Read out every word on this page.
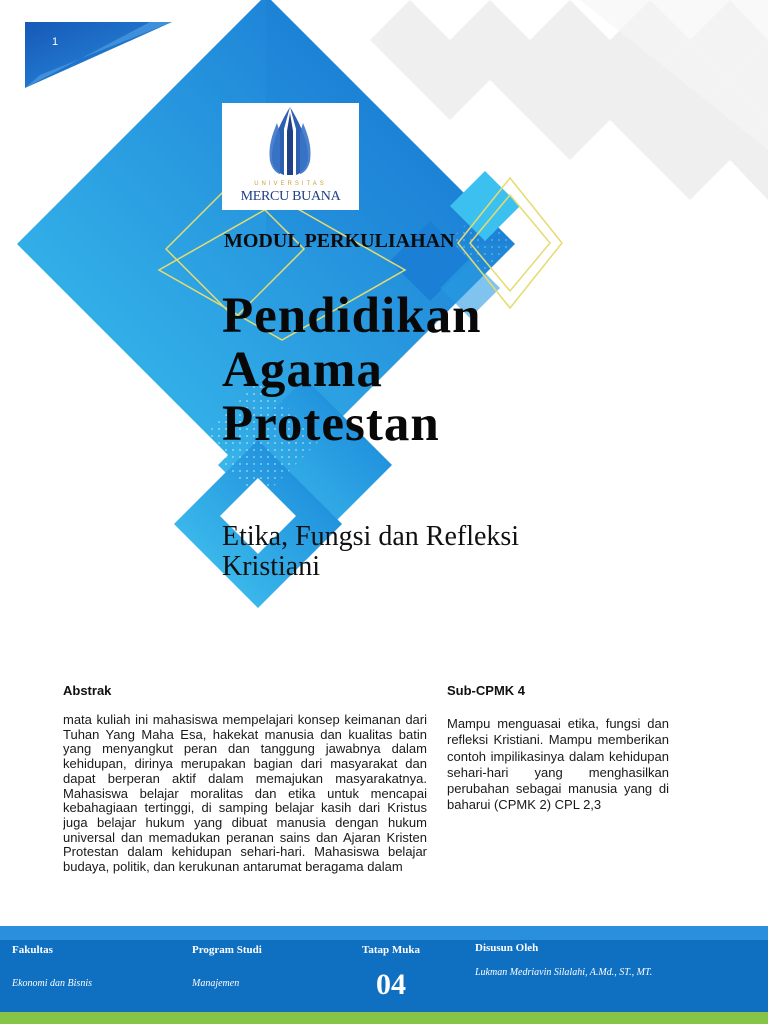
1
UNIVERSITAS
MERCU BUANA
MODUL PERKULIAHAN
Pendidikan
Agama
Protestan
Etika, Fungsi dan Refleksi
Kristiani
Abstrak
mata kuliah ini mahasiswa mempelajari konsep keimanan dari Tuhan Yang Maha Esa, hakekat manusia dan kualitas batin yang menyangkut peran dan tanggung jawabnya dalam kehidupan, dirinya merupakan bagian dari masyarakat dan dapat berperan aktif dalam memajukan masyarakatnya. Mahasiswa belajar moralitas dan etika untuk mencapai kebahagiaan tertinggi, di samping belajar kasih dari Kristus juga belajar hukum yang dibuat manusia dengan hukum universal dan memadukan peranan sains dan Ajaran Kristen Protestan dalam kehidupan sehari-hari. Mahasiswa belajar budaya, politik, dan kerukunan antarumat beragama dalam
Sub-CPMK 4
Mampu menguasai etika, fungsi dan refleksi Kristiani. Mampu memberikan contoh impilikasinya dalam kehidupan sehari-hari yang menghasilkan perubahan sebagai manusia yang di baharui (CPMK 2) CPL 2,3
Fakultas
Ekonomi dan Bisnis
Program Studi
Manajemen
Tatap Muka
04
Disusun Oleh
Lukman Medriavin Silalahi, A.Md., ST., MT.
